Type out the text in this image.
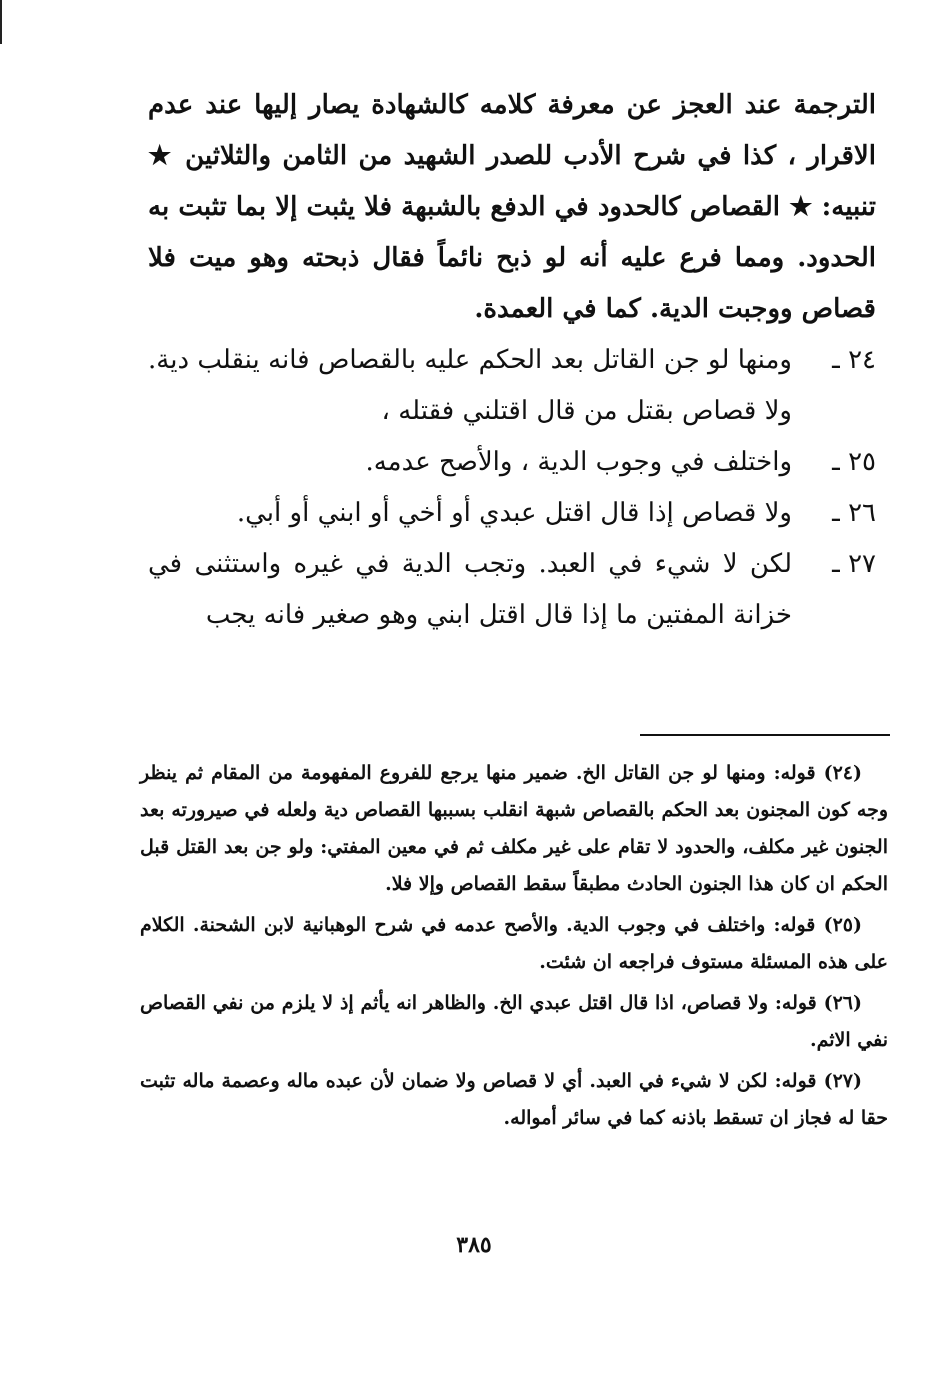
الترجمة عند العجز عن معرفة كلامه كالشهادة يصار إليها عند عدم الاقرار ، كذا في شرح الأدب للصدر الشهيد من الثامن والثلاثين ★ تنبيه: ★ القصاص كالحدود في الدفع بالشبهة فلا يثبت إلا بما تثبت به الحدود. ومما فرع عليه أنه لو ذبح نائماً فقال ذبحته وهو ميت فلا قصاص ووجبت الدية. كما في العمدة.

٢٤ ـ
ومنها لو جن القاتل بعد الحكم عليه بالقصاص فانه ينقلب دية. ولا قصاص بقتل من قال اقتلني فقتله ،
٢٥ ـ
واختلف في وجوب الدية ، والأصح عدمه.
٢٦ ـ
ولا قصاص إذا قال اقتل عبدي أو أخي أو ابني أو أبي.
٢٧ ـ
لكن لا شيء في العبد. وتجب الدية في غيره واستثنى في خزانة المفتين ما إذا قال اقتل ابني وهو صغير فانه يجب

(٢٤) قوله: ومنها لو جن القاتل الخ. ضمير منها يرجع للفروع المفهومة من المقام ثم ينظر وجه كون المجنون بعد الحكم بالقصاص شبهة انقلب بسببها القصاص دية ولعله في صيرورته بعد الجنون غير مكلف، والحدود لا تقام على غير مكلف ثم في معين المفتي: ولو جن بعد القتل قبل الحكم ان كان هذا الجنون الحادث مطبقاً سقط القصاص وإلا فلا.

(٢٥) قوله: واختلف في وجوب الدية. والأصح عدمه في شرح الوهبانية لابن الشحنة. الكلام على هذه المسئلة مستوف فراجعه ان شئت.

(٢٦) قوله: ولا قصاص، اذا قال اقتل عبدي الخ. والظاهر انه يأثم إذ لا يلزم من نفي القصاص نفي الاثم.

(٢٧) قوله: لكن لا شيء في العبد. أي لا قصاص ولا ضمان لأن عبده ماله وعصمة ماله تثبت حقا له فجاز ان تسقط باذنه كما في سائر أمواله.

٣٨٥
